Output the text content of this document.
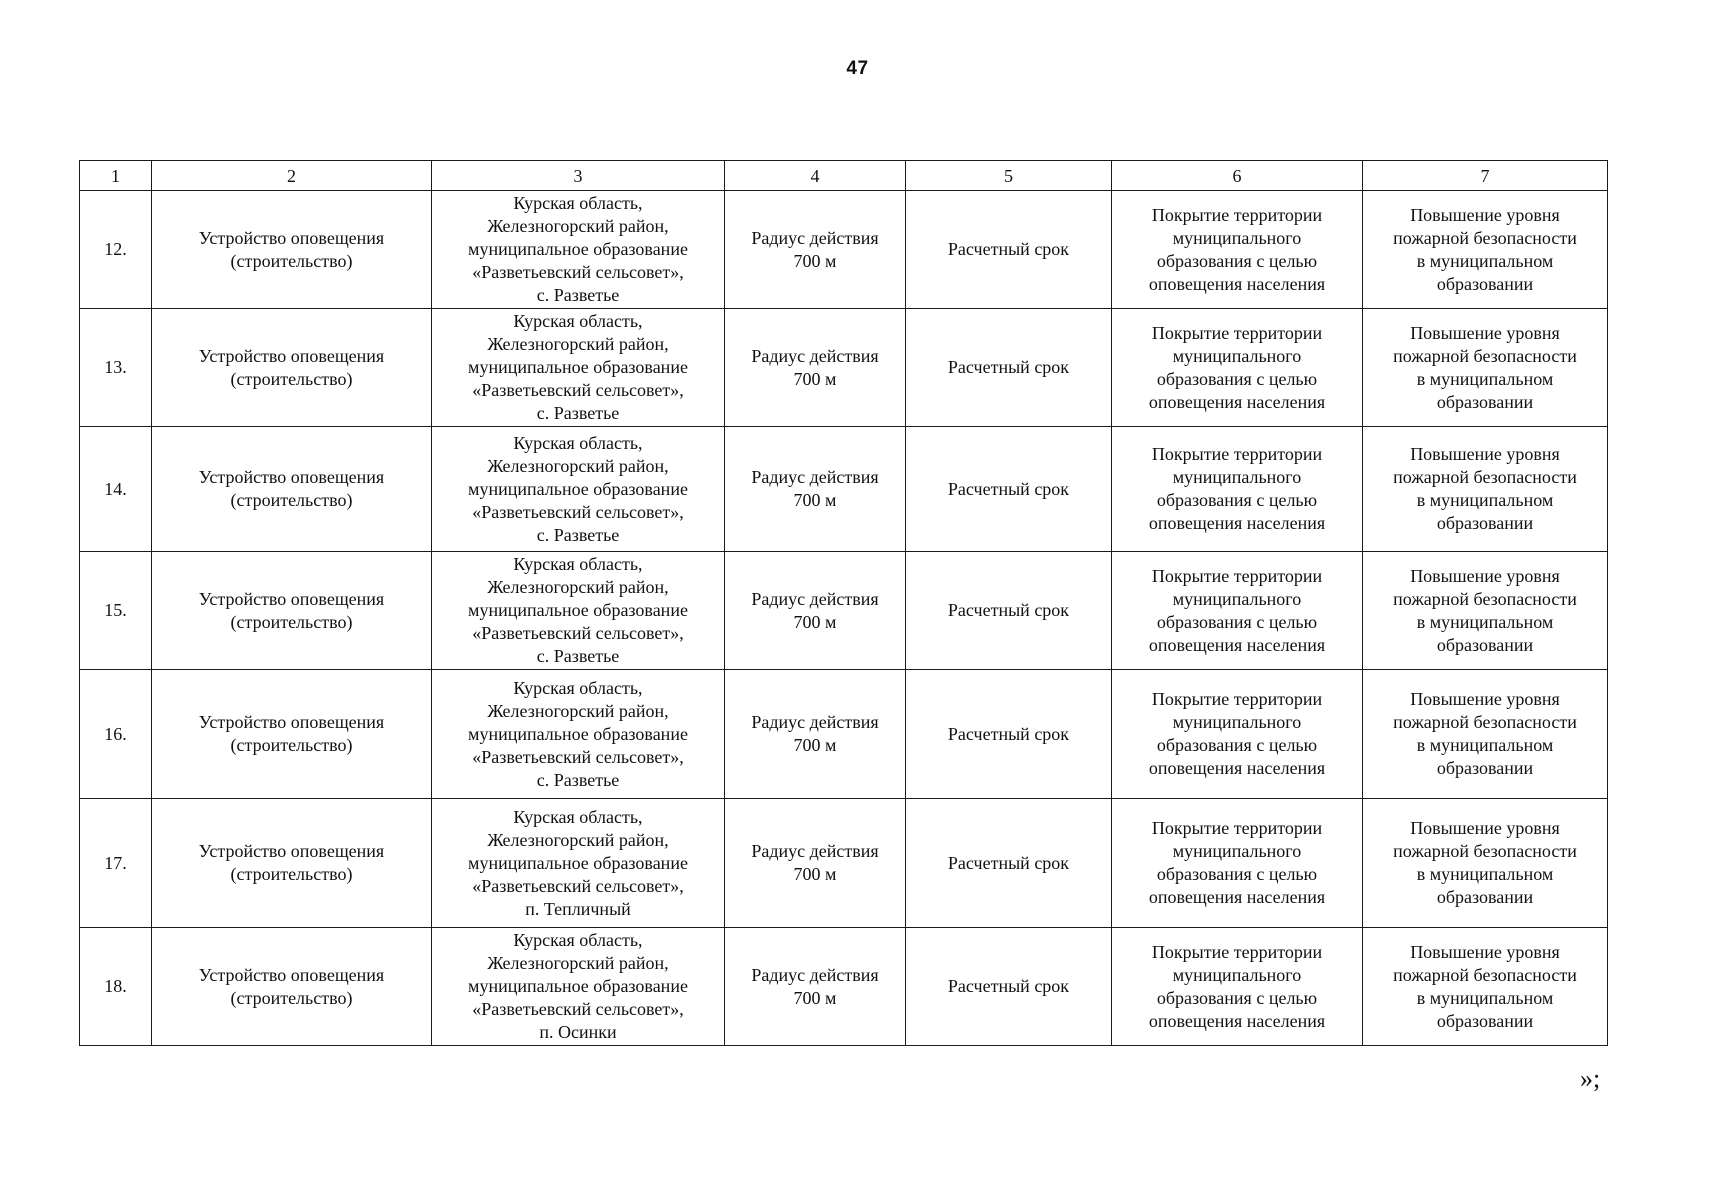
47
1	2	3	4	5	6	7
12.	Устройство оповещения
(строительство)	Курская область,
Железногорский район,
муниципальное образование
«Разветьевский сельсовет»,
с. Разветье	Радиус действия
700 м	Расчетный срок	Покрытие территории
муниципального
образования с целью
оповещения населения	Повышение уровня
пожарной безопасности
в муниципальном
образовании
13.	Устройство оповещения
(строительство)	Курская область,
Железногорский район,
муниципальное образование
«Разветьевский сельсовет»,
с. Разветье	Радиус действия
700 м	Расчетный срок	Покрытие территории
муниципального
образования с целью
оповещения населения	Повышение уровня
пожарной безопасности
в муниципальном
образовании
14.	Устройство оповещения
(строительство)	Курская область,
Железногорский район,
муниципальное образование
«Разветьевский сельсовет»,
с. Разветье	Радиус действия
700 м	Расчетный срок	Покрытие территории
муниципального
образования с целью
оповещения населения	Повышение уровня
пожарной безопасности
в муниципальном
образовании
15.	Устройство оповещения
(строительство)	Курская область,
Железногорский район,
муниципальное образование
«Разветьевский сельсовет»,
с. Разветье	Радиус действия
700 м	Расчетный срок	Покрытие территории
муниципального
образования с целью
оповещения населения	Повышение уровня
пожарной безопасности
в муниципальном
образовании
16.	Устройство оповещения
(строительство)	Курская область,
Железногорский район,
муниципальное образование
«Разветьевский сельсовет»,
с. Разветье	Радиус действия
700 м	Расчетный срок	Покрытие территории
муниципального
образования с целью
оповещения населения	Повышение уровня
пожарной безопасности
в муниципальном
образовании
17.	Устройство оповещения
(строительство)	Курская область,
Железногорский район,
муниципальное образование
«Разветьевский сельсовет»,
п. Тепличный	Радиус действия
700 м	Расчетный срок	Покрытие территории
муниципального
образования с целью
оповещения населения	Повышение уровня
пожарной безопасности
в муниципальном
образовании
18.	Устройство оповещения
(строительство)	Курская область,
Железногорский район,
муниципальное образование
«Разветьевский сельсовет»,
п. Осинки	Радиус действия
700 м	Расчетный срок	Покрытие территории
муниципального
образования с целью
оповещения населения	Повышение уровня
пожарной безопасности
в муниципальном
образовании
»;
